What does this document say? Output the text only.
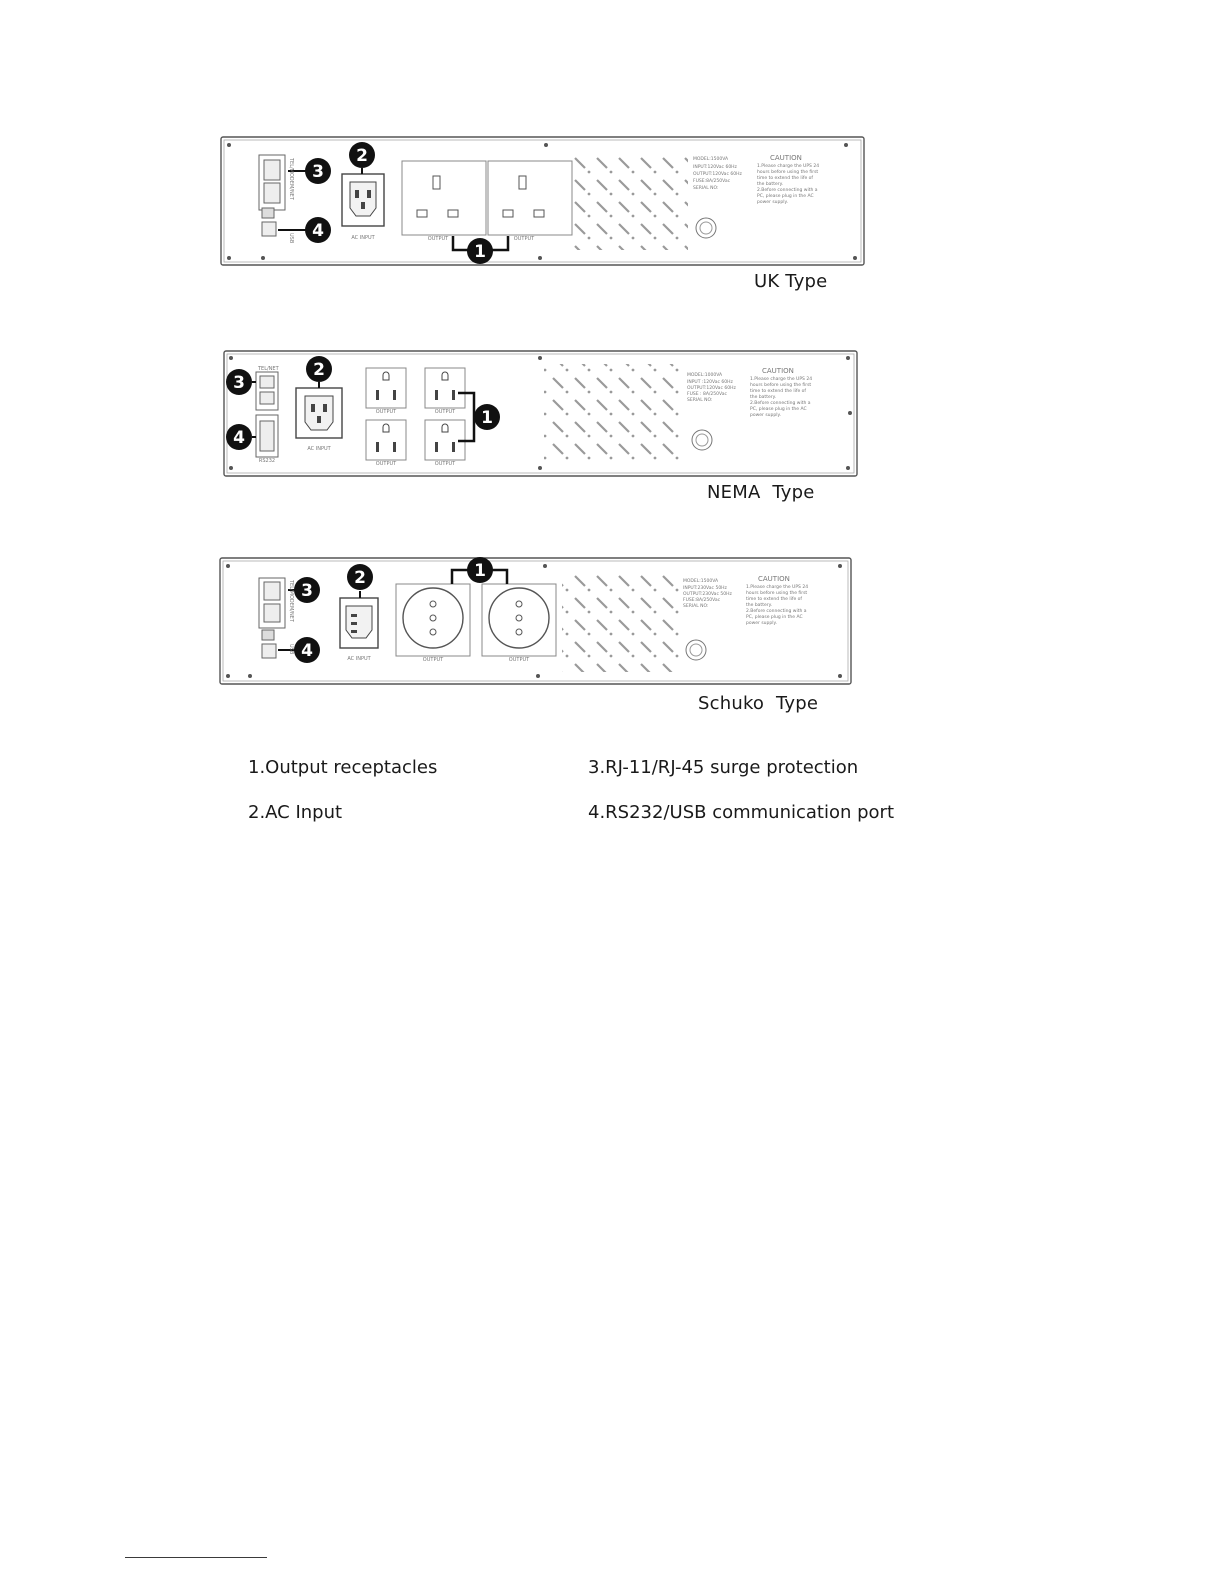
1
2
3
4
1
2
3
4
1
2
3
4
AC INPUT	OUTPUT	OUTPUT
USB
TEL/MODEM/NET	MODEL:1500VA
INPUT:120Vac 60Hz
OUTPUT:120Vac 60Hz
FUSE:8A/250Vac
SERIAL NO:
CAUTION
1.Please charge the UPS 24
hours before using the first
time to extend the life of
the battery.
2.Before connecting with a
PC, please plug in the AC
power supply.
TEL/NET
RS232
AC INPUT
OUTPUT	OUTPUT
OUTPUT	OUTPUT
MODEL:1000VA
INPUT :120Vac 60Hz
OUTPUT:120Vac 60Hz
FUSE : 8A/250Vac
SERIAL NO:
CAUTION
1.Please charge the UPS 24
hours before using the first
time to extend the life of
the battery.
2.Before connecting with a
PC, please plug in the AC
power supply.
AC INPUT	OUTPUT	OUTPUT
USB
TEL/MODEM/NET	MODEL:1500VA
INPUT:230Vac 50Hz
OUTPUT:230Vac 50Hz
FUSE:8A/250Vac
SERIAL NO:
CAUTION
1.Please charge the UPS 24
hours before using the first
time to extend the life of
the battery.
2.Before connecting with a
PC, please plug in the AC
power supply.
UK Type
NEMA  Type
Schuko  Type
1.Output receptacles	3.RJ-11/RJ-45 surge protection
2.AC Input	4.RS232/USB communication port
